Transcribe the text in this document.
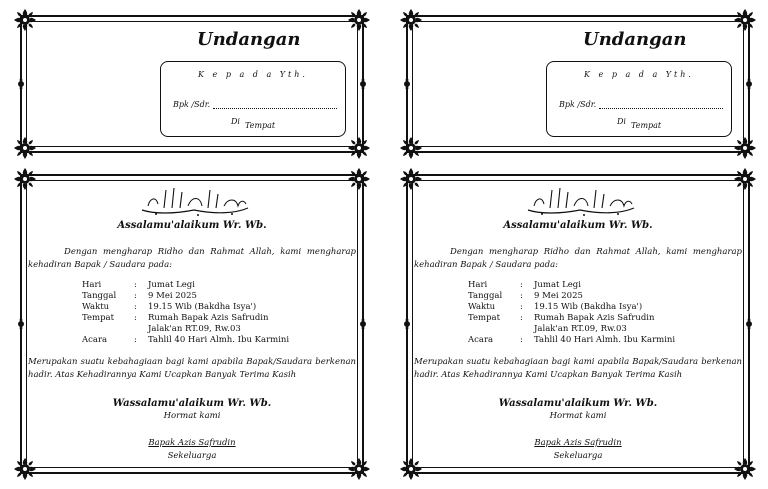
Undangan
K e p a d a Yth.
Bpk /Sdr.
Di Tempat
Assalamu'alaikum Wr. Wb.
Dengan mengharap Ridho dan Rahmat Allah, kami mengharap kehadiran Bapak / Saudara pada:
Hari	: Jumat Legi
Tanggal	: 9 Mei 2025
Waktu	: 19.15 Wib (Bakdha Isya')
Tempat	: Rumah Bapak Azis Safrudin
Jalak'an RT.09, Rw.03
Acara	: Tahlil 40 Hari Almh. Ibu Karmini
Merupakan suatu kebahagiaan bagi kami apabila Bapak/Saudara berkenan hadir. Atas Kehadirannya Kami Ucapkan Banyak Terima Kasih
Wassalamu'alaikum Wr. Wb.
Hormat kami
Bapak Azis Safrudin
Sekeluarga
Undangan
K e p a d a Yth.
Bpk /Sdr.
Di Tempat
Assalamu'alaikum Wr. Wb.
Dengan mengharap Ridho dan Rahmat Allah, kami mengharap kehadiran Bapak / Saudara pada:
Hari	: Jumat Legi
Tanggal	: 9 Mei 2025
Waktu	: 19.15 Wib (Bakdha Isya')
Tempat	: Rumah Bapak Azis Safrudin
Jalak'an RT.09, Rw.03
Acara	: Tahlil 40 Hari Almh. Ibu Karmini
Merupakan suatu kebahagiaan bagi kami apabila Bapak/Saudara berkenan hadir. Atas Kehadirannya Kami Ucapkan Banyak Terima Kasih
Wassalamu'alaikum Wr. Wb.
Hormat kami
Bapak Azis Safrudin
Sekeluarga
